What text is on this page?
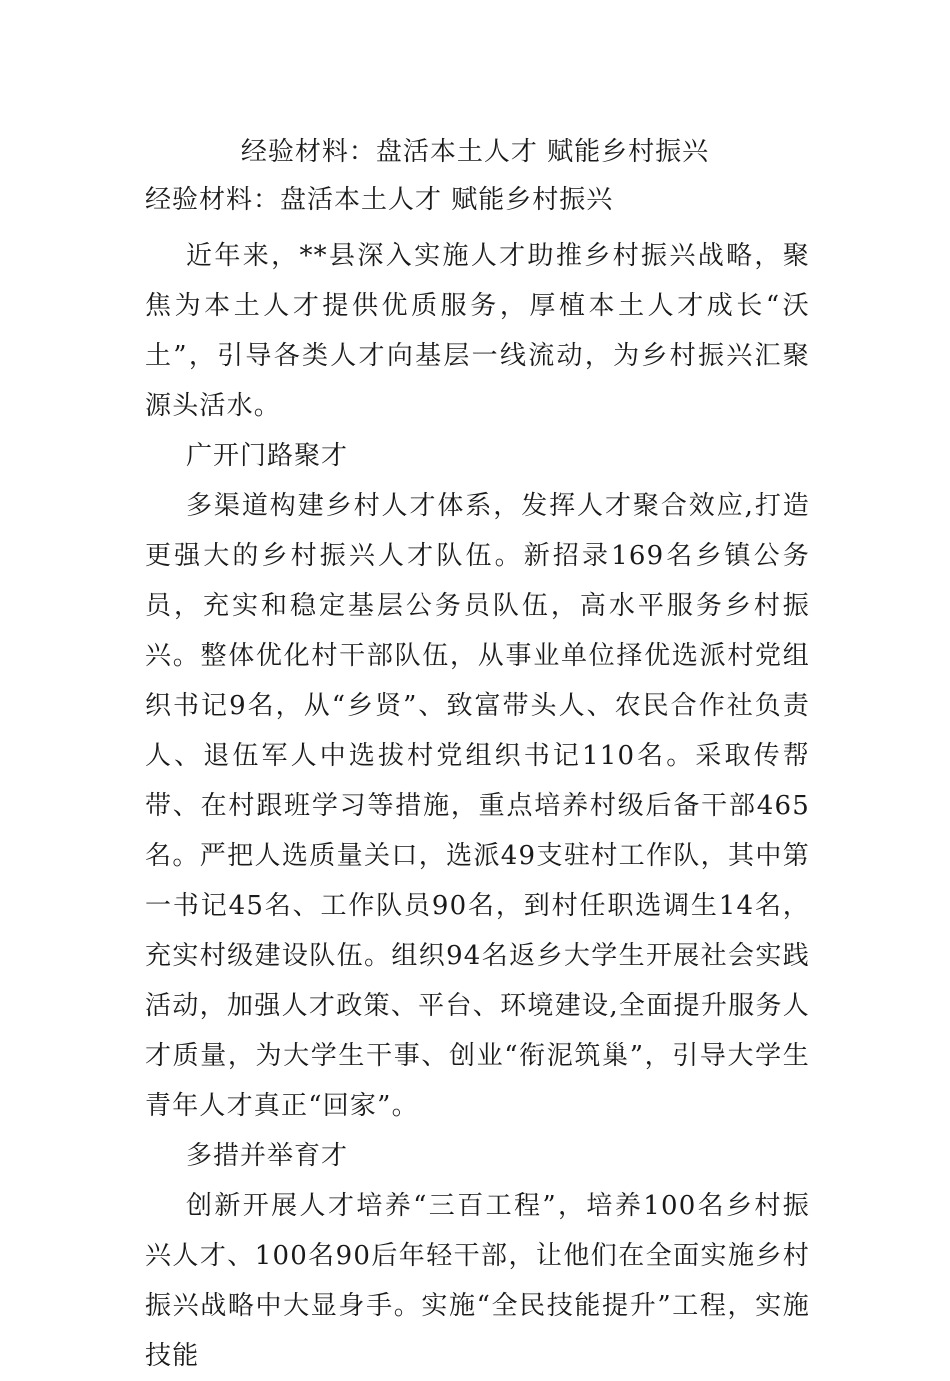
经验材料：盘活本土人才 赋能乡村振兴

经验材料：盘活本土人才 赋能乡村振兴

近年来，**县深入实施人才助推乡村振兴战略，聚焦为本土人才提供优质服务，厚植本土人才成长“沃土”，引导各类人才向基层一线流动，为乡村振兴汇聚源头活水。

广开门路聚才

多渠道构建乡村人才体系，发挥人才聚合效应,打造更强大的乡村振兴人才队伍。新招录169名乡镇公务员，充实和稳定基层公务员队伍，高水平服务乡村振兴。整体优化村干部队伍，从事业单位择优选派村党组织书记9名，从“乡贤”、致富带头人、农民合作社负责人、退伍军人中选拔村党组织书记110名。采取传帮带、在村跟班学习等措施，重点培养村级后备干部465名。严把人选质量关口，选派49支驻村工作队，其中第一书记45名、工作队员90名，到村任职选调生14名，充实村级建设队伍。组织94名返乡大学生开展社会实践活动，加强人才政策、平台、环境建设,全面提升服务人才质量，为大学生干事、创业“衔泥筑巢”，引导大学生青年人才真正“回家”。

多措并举育才

创新开展人才培养“三百工程”，培养100名乡村振兴人才、100名90后年轻干部，让他们在全面实施乡村振兴战略中大显身手。实施“全民技能提升”工程，实施技能
